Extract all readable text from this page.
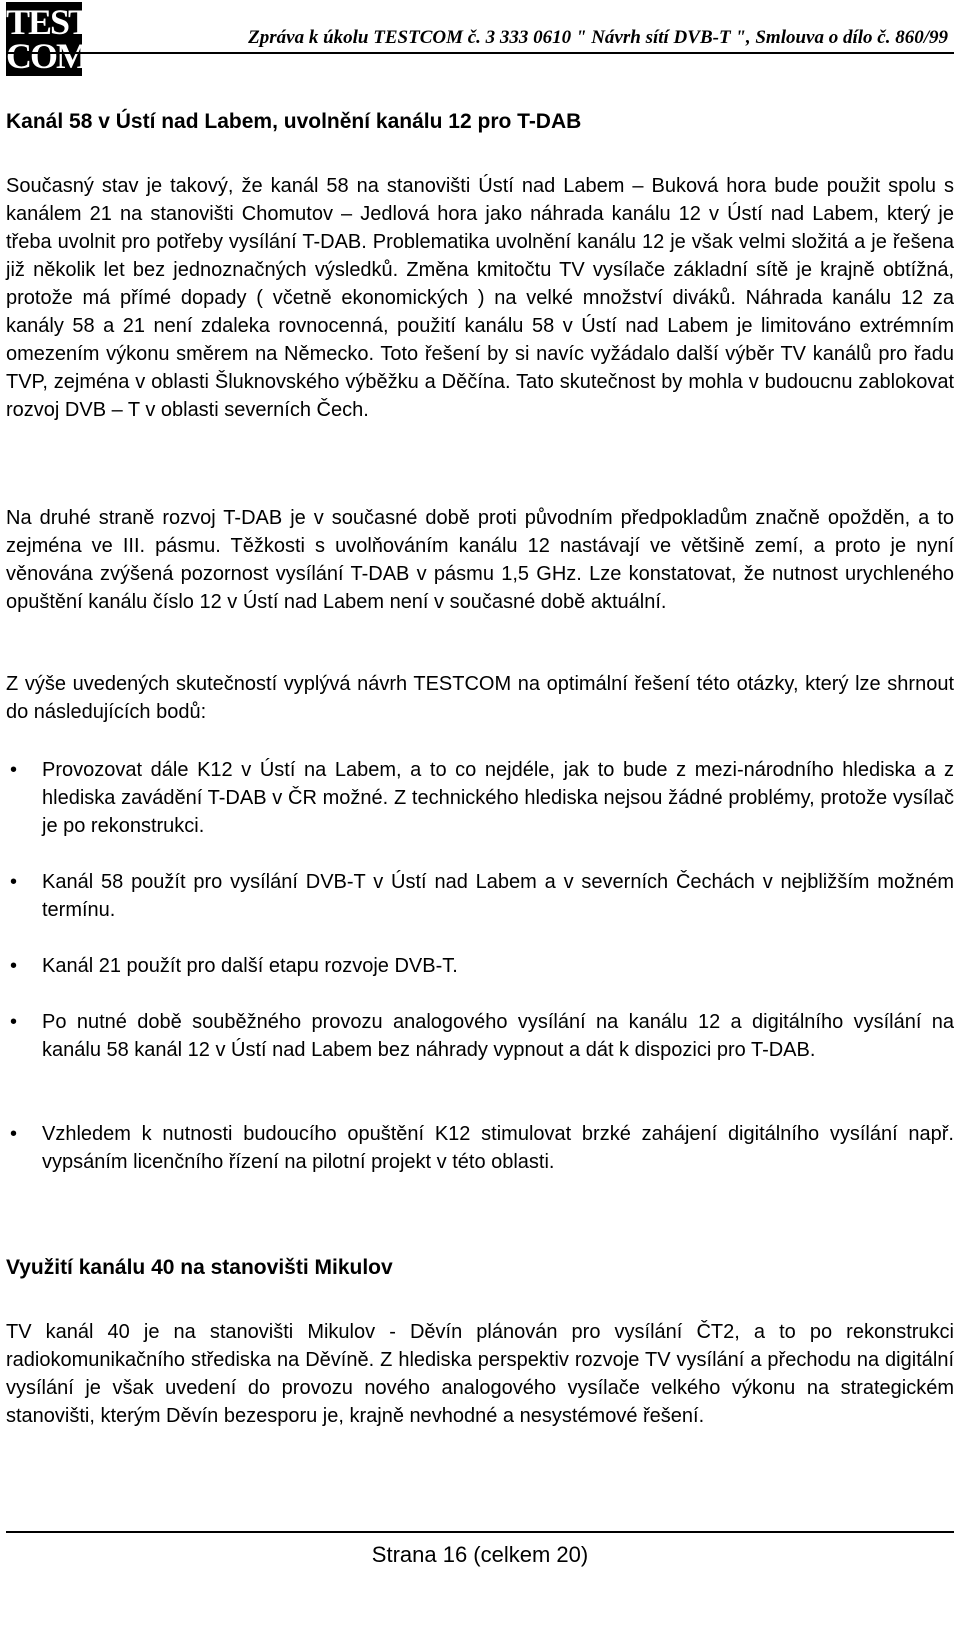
TEST
COM	Zpráva k úkolu TESTCOM č. 3 333 0610 " Návrh sítí DVB-T ", Smlouva o dílo č. 860/99
Kanál 58 v Ústí nad Labem, uvolnění kanálu 12 pro T-DAB
Současný stav je takový, že kanál 58 na stanovišti Ústí nad Labem – Buková hora bude použit spolu s kanálem 21 na stanovišti Chomutov – Jedlová hora jako náhrada kanálu 12 v Ústí nad Labem, který je třeba uvolnit pro potřeby vysílání T-DAB. Problematika uvolnění kanálu 12 je však velmi složitá a je řešena již několik let bez jednoznačných výsledků. Změna kmitočtu TV vysílače základní sítě je krajně obtížná, protože má přímé dopady ( včetně ekonomických ) na velké množství diváků. Náhrada kanálu 12 za kanály 58 a 21 není zdaleka rovnocenná, použití kanálu 58 v Ústí nad Labem je limitováno extrémním omezením výkonu směrem na Německo. Toto řešení by si navíc vyžádalo další výběr TV kanálů pro řadu TVP, zejména v oblasti Šluknovského výběžku a Děčína. Tato skutečnost by mohla v budoucnu zablokovat rozvoj DVB – T v oblasti severních Čech.
Na druhé straně rozvoj T-DAB je v současné době proti původním předpokladům značně opožděn, a to zejména ve III. pásmu. Těžkosti s uvolňováním kanálu 12 nastávají ve většině zemí, a proto je nyní věnována zvýšená pozornost vysílání T-DAB v pásmu 1,5 GHz. Lze konstatovat, že nutnost urychleného opuštění kanálu číslo 12 v Ústí nad Labem není v současné době aktuální.
Z výše uvedených skutečností vyplývá návrh TESTCOM na optimální řešení této otázky, který lze shrnout do následujících bodů:
•	Provozovat dále K12 v Ústí na Labem, a to co nejdéle, jak to bude z mezi-národního hlediska a z hlediska zavádění T-DAB v ČR možné. Z technického hlediska nejsou žádné problémy, protože vysílač je po rekonstrukci.
•	Kanál 58 použít pro vysílání DVB-T v Ústí nad Labem a v severních Čechách v nejbližším možném termínu.
•	Kanál 21 použít pro další etapu rozvoje DVB-T.
•	Po nutné době souběžného provozu analogového vysílání na kanálu 12 a digitálního vysílání na kanálu 58 kanál 12 v Ústí nad Labem bez náhrady vypnout a dát k dispozici pro T-DAB.
•	Vzhledem k nutnosti budoucího opuštění K12 stimulovat brzké zahájení digitálního vysílání např. vypsáním licenčního řízení na pilotní projekt v této oblasti.
Využití kanálu 40 na stanovišti Mikulov
TV kanál 40 je na stanovišti Mikulov - Děvín plánován pro vysílání ČT2, a to po rekonstrukci radiokomunikačního střediska na Děvíně. Z hlediska perspektiv rozvoje TV vysílání a přechodu na digitální vysílání je však uvedení do provozu nového analogového vysílače velkého výkonu na strategickém stanovišti, kterým Děvín bezesporu je, krajně nevhodné a nesystémové řešení.
Strana 16 (celkem 20)
